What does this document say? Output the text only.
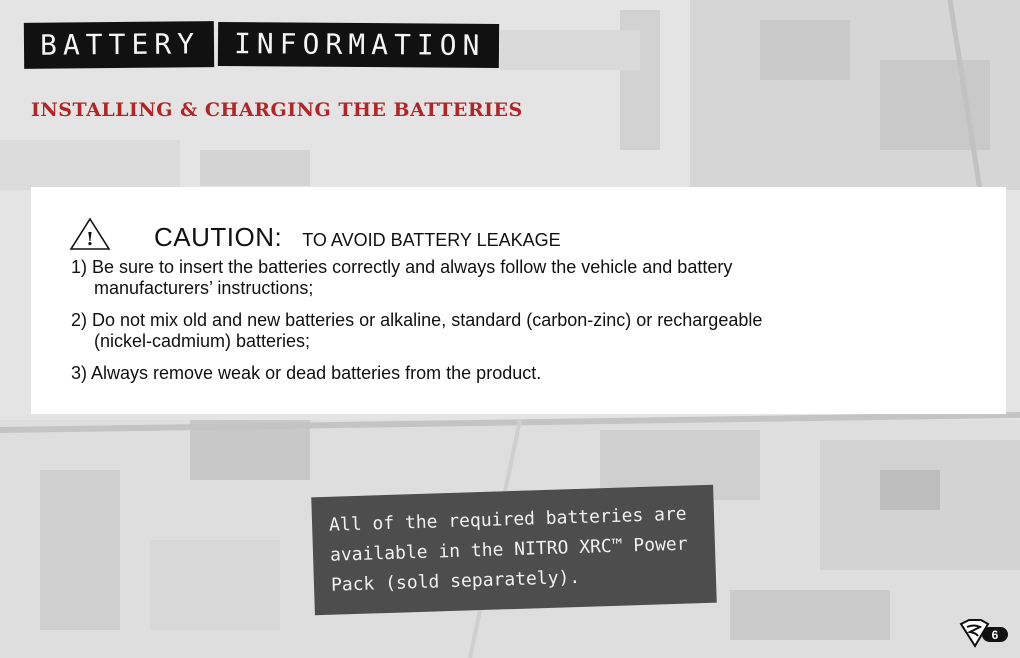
BATTERY	INFORMATION
INSTALLING & CHARGING THE BATTERIES
! CAUTION: TO AVOID BATTERY LEAKAGE
1) Be sure to insert the batteries correctly and always follow the vehicle and battery manufacturers’ instructions;
2) Do not mix old and new batteries or alkaline, standard (carbon-zinc) or rechargeable (nickel-cadmium) batteries;
3) Always remove weak or dead batteries from the product.

All of the required batteries are available in the NITRO XRC™ Power Pack (sold separately).

6
